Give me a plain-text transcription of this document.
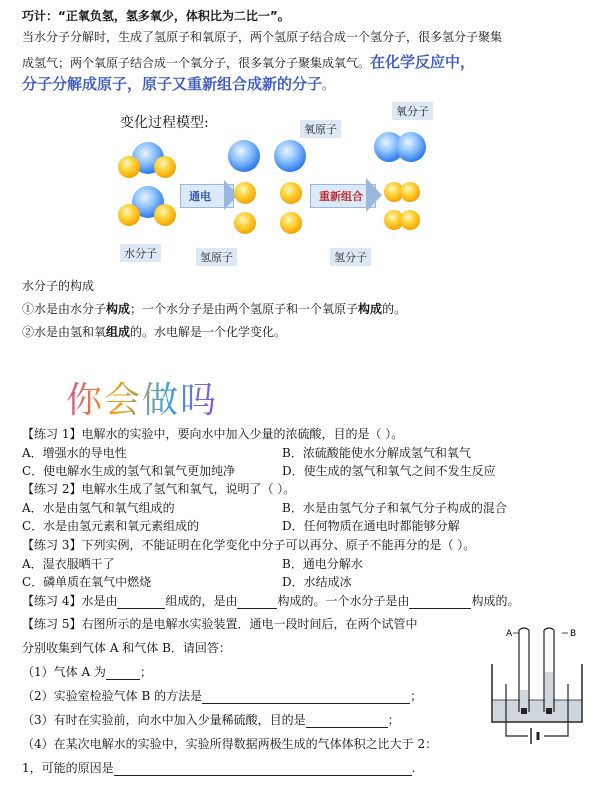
巧计：“正氧负氢，氢多氧少，体积比为二比一”。
当水分子分解时，生成了氢原子和氧原子，两个氢原子结合成一个氢分子，很多氢分子聚集
成氢气；两个氧原子结合成一个氧分子，很多氧分子聚集成氧气。在化学反应中，
分子分解成原子，原子又重新组合成新的分子。
变化过程模型:
水分子
通电
氧原子
氢原子
重新组合
氧分子
氢分子
水分子的构成
①水是由水分子构成；一个水分子是由两个氢原子和一个氧原子构成的。
②水是由氢和氧组成的。水电解是一个化学变化。
你会做吗
【练习 1】电解水的实验中，要向水中加入少量的浓硫酸，目的是（ ）。
A．增强水的导电性	B．浓硫酸能使水分解成氢气和氧气
C．使电解水生成的氢气和氧气更加纯净	D．使生成的氢气和氧气之间不发生反应
【练习 2】电解水生成了氢气和氧气，说明了（ ）。
A．水是由氢气和氧气组成的	B．水是由氢气分子和氧气分子构成的混合
C．水是由氢元素和氧元素组成的	D．任何物质在通电时都能够分解
【练习 3】下列实例，不能证明在化学变化中分子可以再分、原子不能再分的是（ ）。
A．湿衣服晒干了	B．通电分解水
C．磷单质在氧气中燃烧	D．水结成冰
【练习 4】水是由	组成的，是由	构成的。一个水分子是由	构成的。
【练习 5】右图所示的是电解水实验装置．通电一段时间后，在两个试管中
分别收集到气体 A 和气体 B．请回答：
（1）气体 A 为	；
（2）实验室检验气体 B 的方法是	；
（3）有时在实验前，向水中加入少量稀硫酸，目的是	；
（4）在某次电解水的实验中，实验所得数据两极生成的气体体积之比大于 2：
1，可能的原因是	.
A	B
